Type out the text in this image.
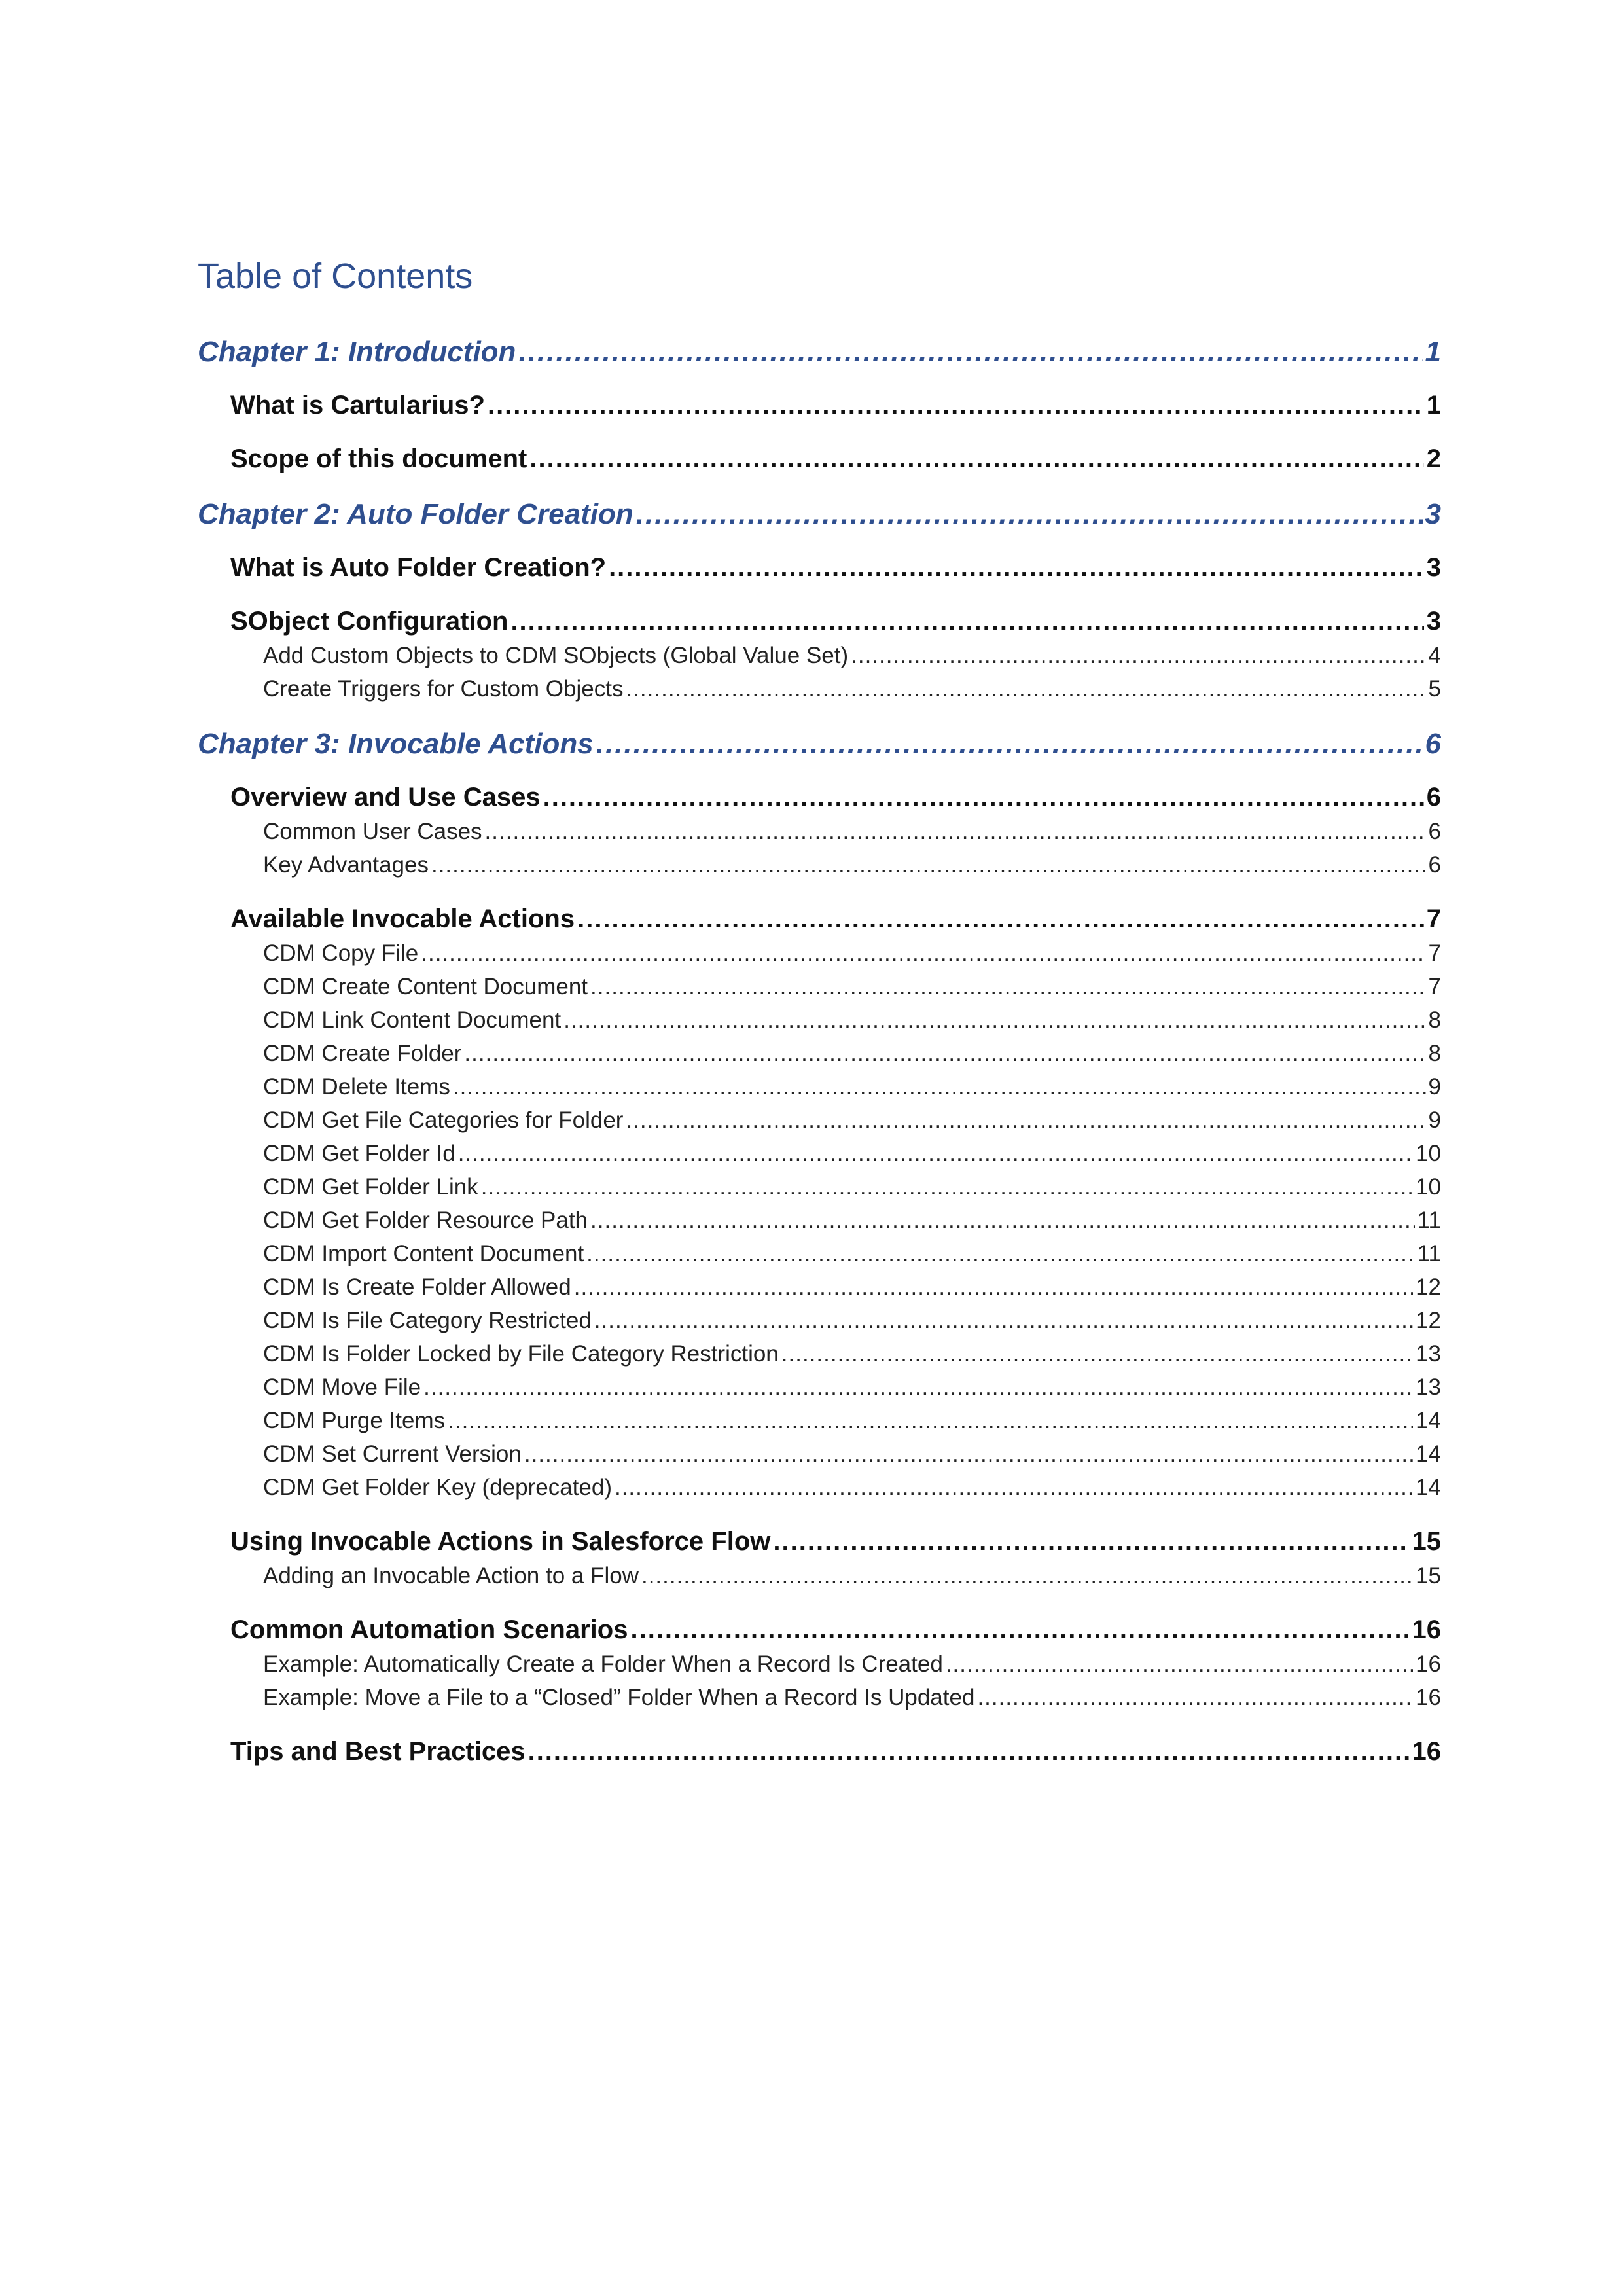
Table of Contents
Chapter 1: Introduction .....	1
What is Cartularius? .....	1
Scope of this document .....	2
Chapter 2: Auto Folder Creation .....	3
What is Auto Folder Creation? .....	3
SObject Configuration .....	3
Add Custom Objects to CDM SObjects (Global Value Set) .....	4
Create Triggers for Custom Objects .....	5
Chapter 3: Invocable Actions .....	6
Overview and Use Cases .....	6
Common User Cases .....	6
Key Advantages .....	6
Available Invocable Actions .....	7
CDM Copy File .....	7
CDM Create Content Document .....	7
CDM Link Content Document .....	8
CDM Create Folder .....	8
CDM Delete Items .....	9
CDM Get File Categories for Folder .....	9
CDM Get Folder Id .....	10
CDM Get Folder Link .....	10
CDM Get Folder Resource Path .....	11
CDM Import Content Document .....	11
CDM Is Create Folder Allowed .....	12
CDM Is File Category Restricted .....	12
CDM Is Folder Locked by File Category Restriction .....	13
CDM Move File .....	13
CDM Purge Items .....	14
CDM Set Current Version .....	14
CDM Get Folder Key (deprecated) .....	14
Using Invocable Actions in Salesforce Flow .....	15
Adding an Invocable Action to a Flow .....	15
Common Automation Scenarios .....	16
Example: Automatically Create a Folder When a Record Is Created .....	16
Example: Move a File to a “Closed” Folder When a Record Is Updated .....	16
Tips and Best Practices .....	16
